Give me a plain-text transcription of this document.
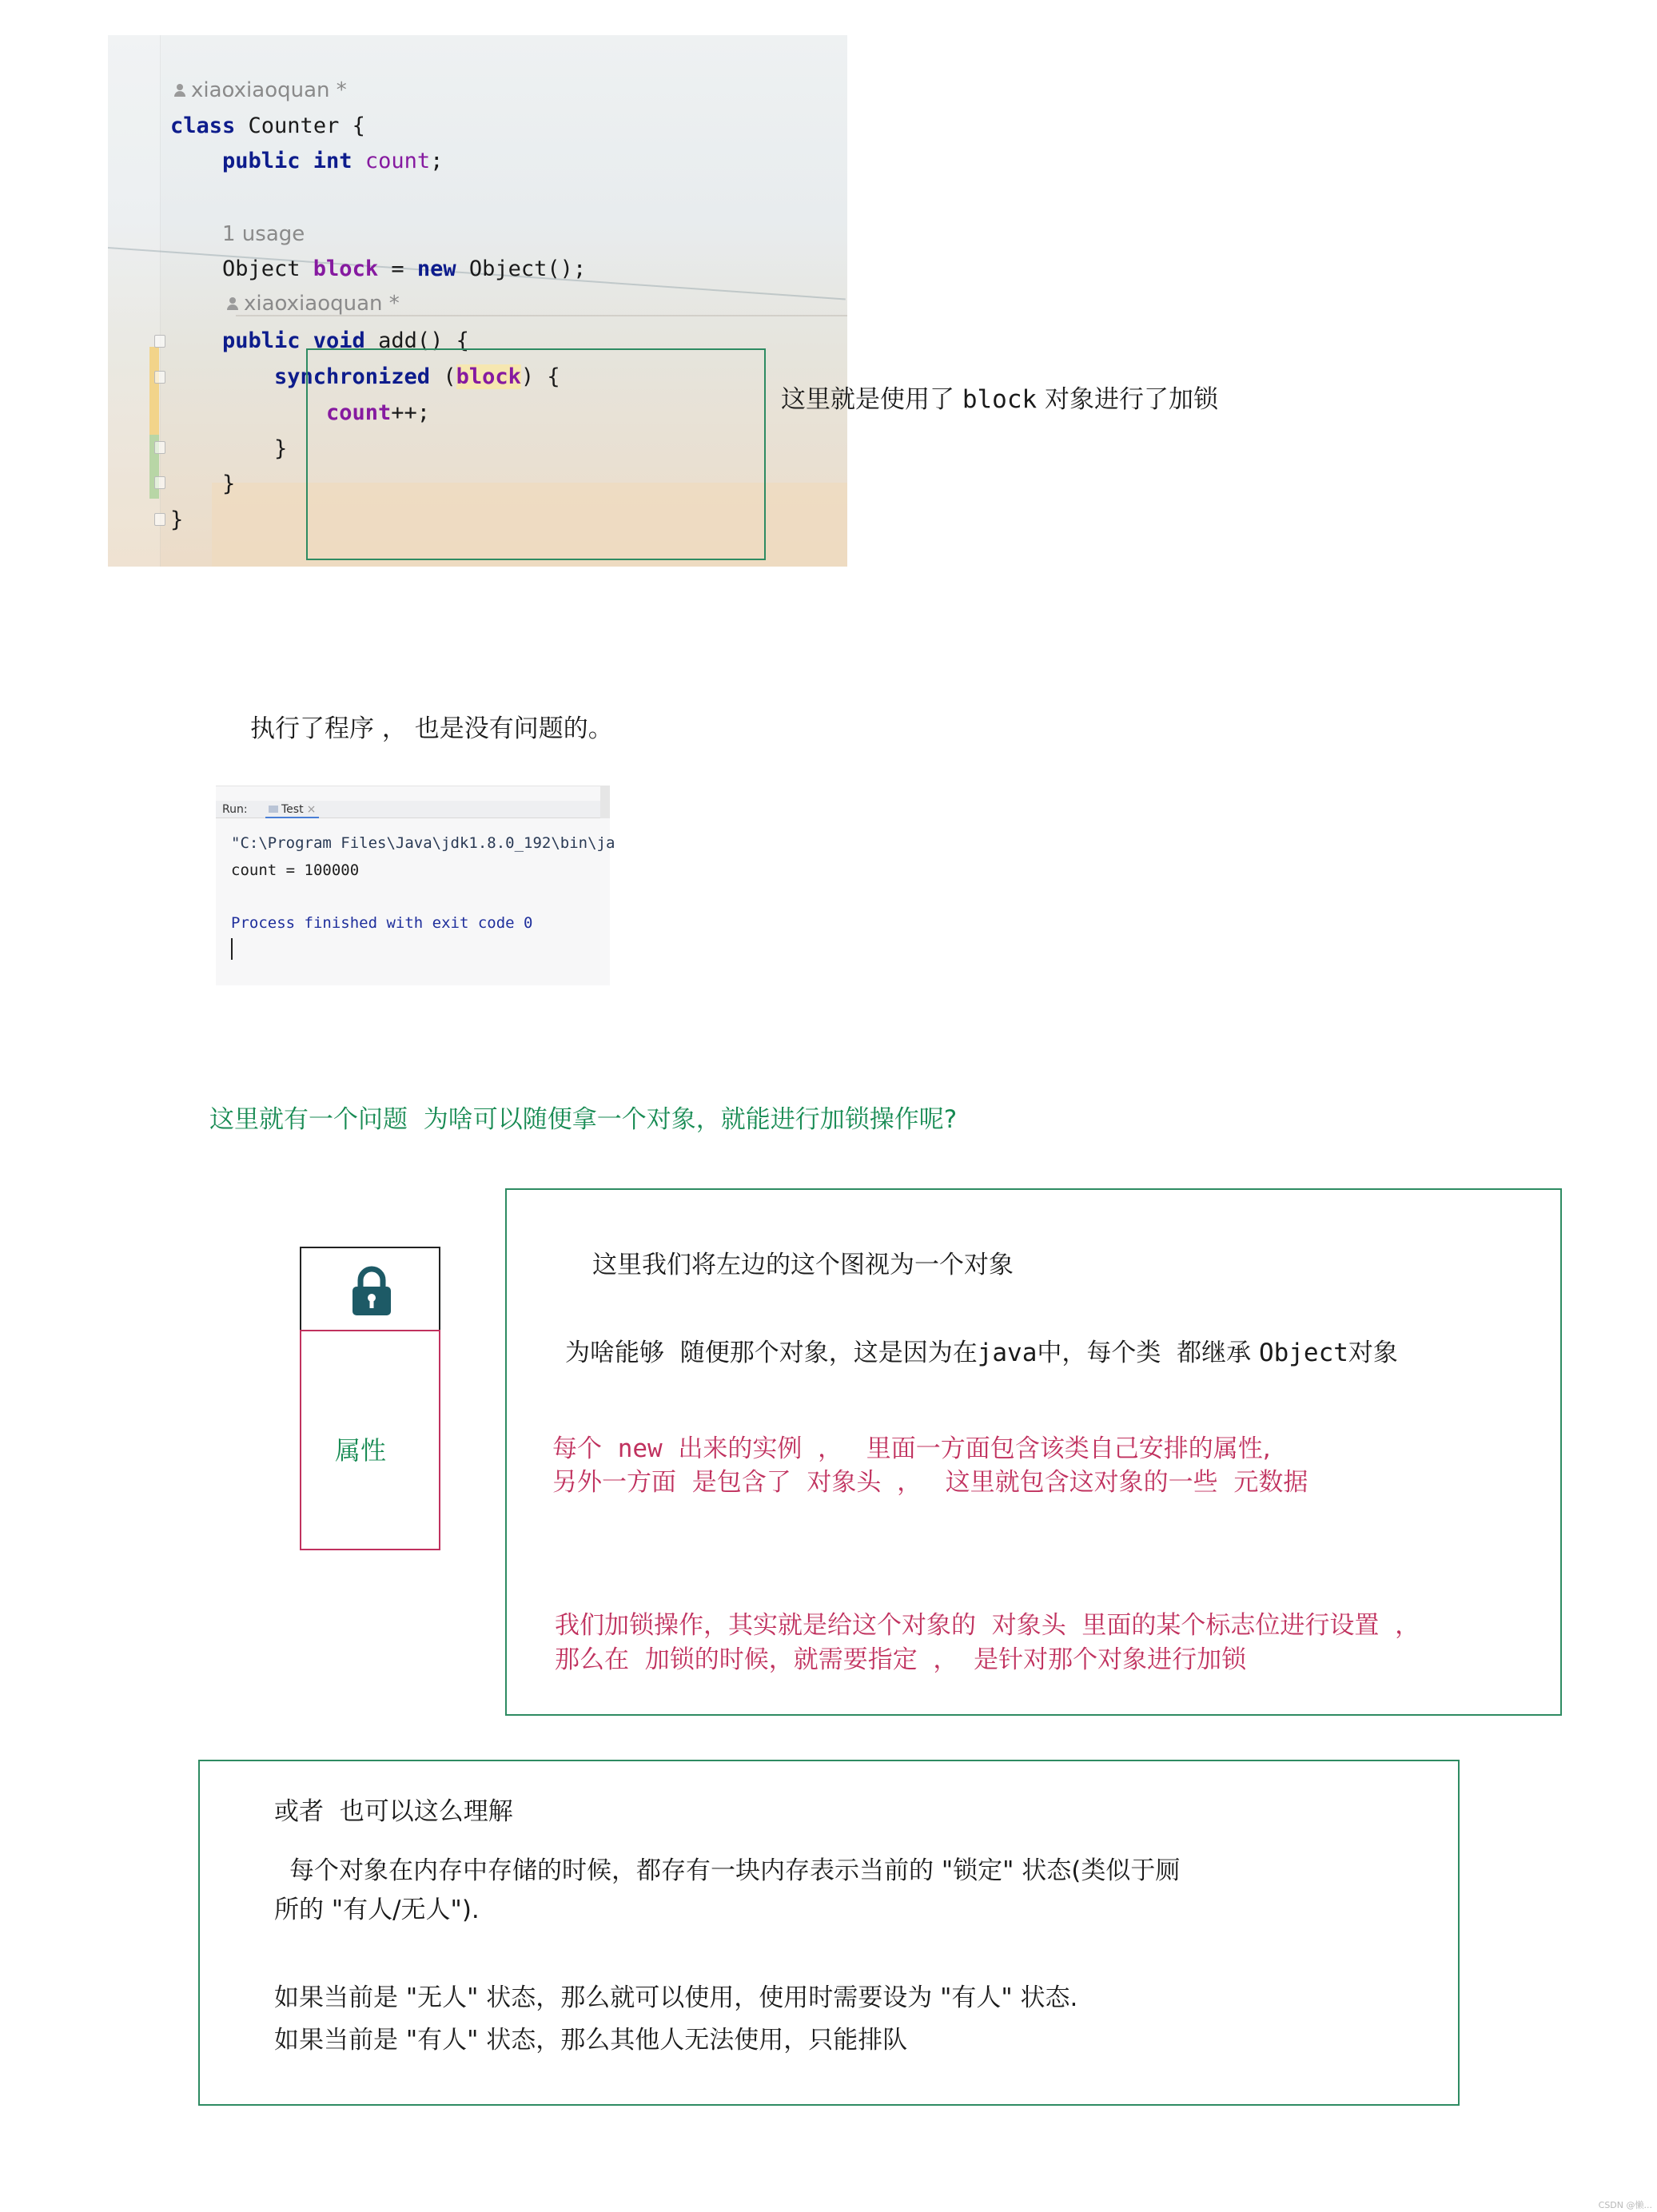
xiaoxiaoquan *
class Counter {
public int count;
1 usage
Object block = new Object();
xiaoxiaoquan *
public void add() {
synchronized (block) {
count++;
}
}
}
这里就是使用了 block 对象进行了加锁
执行了程序 ， 也是没有问题的。
Run:	Test ×
"C:\Program Files\Java\jdk1.8.0_192\bin\ja
count = 100000
Process finished with exit code 0
这里就有一个问题  为啥可以随便拿一个对象，就能进行加锁操作呢?
属性
这里我们将左边的这个图视为一个对象
为啥能够  随便那个对象，这是因为在java中，每个类  都继承 Object对象
每个  new  出来的实例  ，   里面一方面包含该类自己安排的属性,
另外一方面  是包含了  对象头  ，   这里就包含这对象的一些  元数据
我们加锁操作，其实就是给这个对象的  对象头  里面的某个标志位进行设置  ，
那么在  加锁的时候，就需要指定  ，  是针对那个对象进行加锁
或者  也可以这么理解
每个对象在内存中存储的时候，都存有一块内存表示当前的 "锁定" 状态(类似于厕
所的 "有人/无人").
如果当前是 "无人" 状态，那么就可以使用，使用时需要设为 "有人" 状态.
如果当前是 "有人" 状态，那么其他人无法使用，只能排队
CSDN @懒...
